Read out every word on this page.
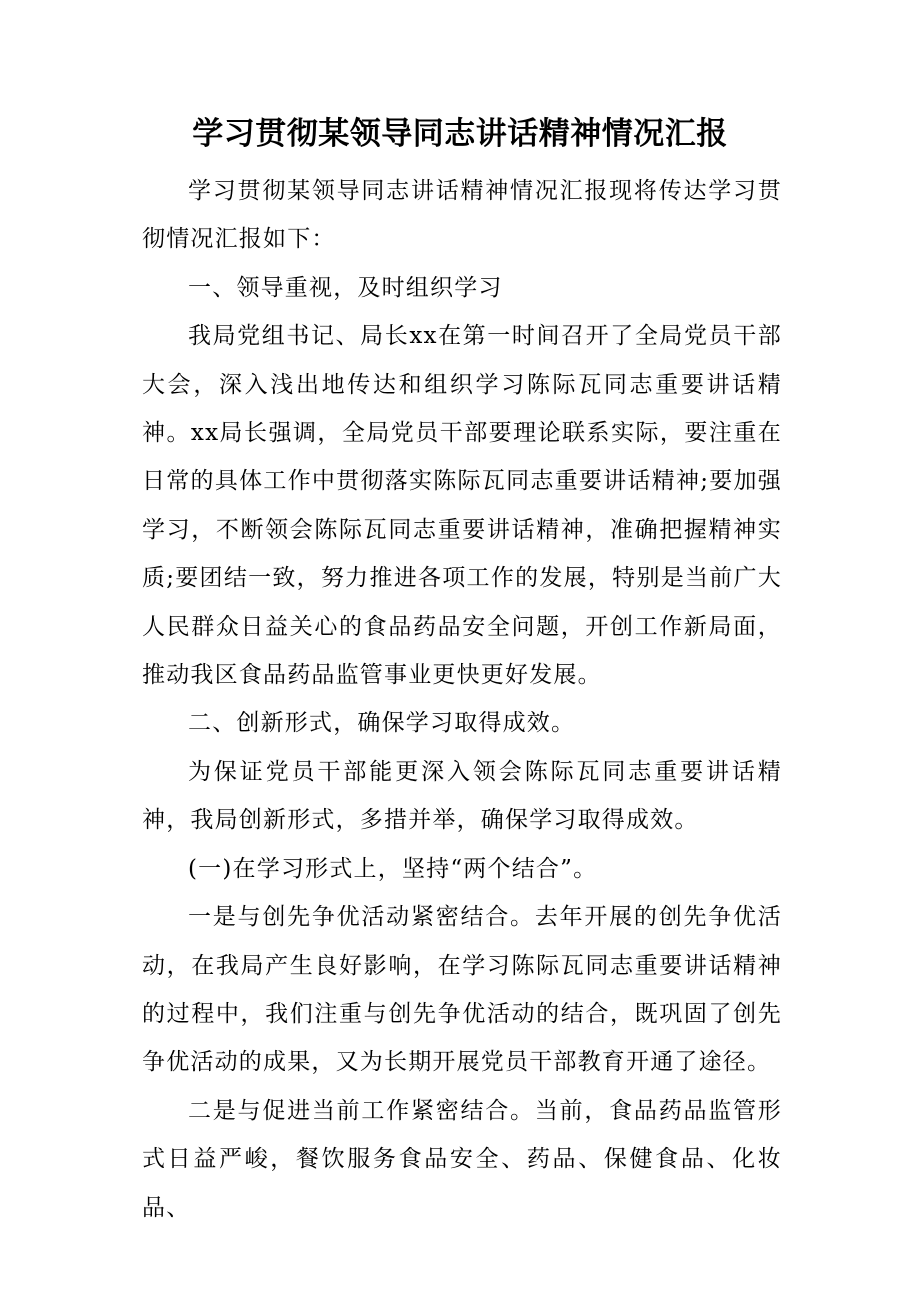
学习贯彻某领导同志讲话精神情况汇报

学习贯彻某领导同志讲话精神情况汇报现将传达学习贯彻情况汇报如下：

一、领导重视，及时组织学习

我局党组书记、局长xx在第一时间召开了全局党员干部大会，深入浅出地传达和组织学习陈际瓦同志重要讲话精神。xx局长强调，全局党员干部要理论联系实际，要注重在日常的具体工作中贯彻落实陈际瓦同志重要讲话精神;要加强学习，不断领会陈际瓦同志重要讲话精神，准确把握精神实质;要团结一致，努力推进各项工作的发展，特别是当前广大人民群众日益关心的食品药品安全问题，开创工作新局面，推动我区食品药品监管事业更快更好发展。

二、创新形式，确保学习取得成效。

为保证党员干部能更深入领会陈际瓦同志重要讲话精神，我局创新形式，多措并举，确保学习取得成效。

(一)在学习形式上，坚持“两个结合”。

一是与创先争优活动紧密结合。去年开展的创先争优活动，在我局产生良好影响，在学习陈际瓦同志重要讲话精神的过程中，我们注重与创先争优活动的结合，既巩固了创先争优活动的成果，又为长期开展党员干部教育开通了途径。

二是与促进当前工作紧密结合。当前，食品药品监管形式日益严峻，餐饮服务食品安全、药品、保健食品、化妆品、
